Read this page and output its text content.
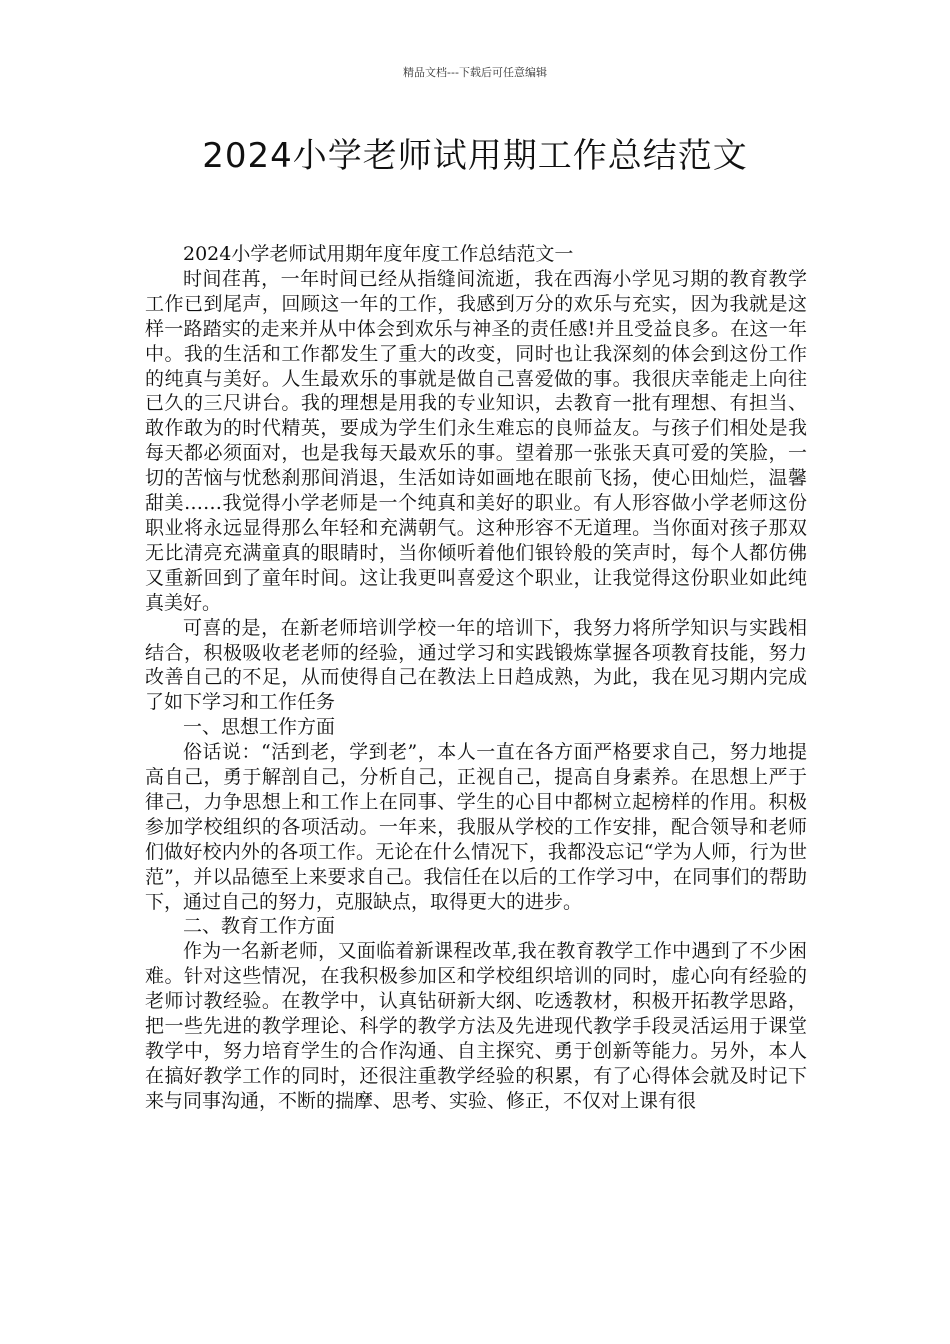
精品文档---下载后可任意编辑
2024小学老师试用期工作总结范文

2024小学老师试用期年度年度工作总结范文一

时间荏苒，一年时间已经从指缝间流逝，我在西海小学见习期的教育教学工作已到尾声，回顾这一年的工作，我感到万分的欢乐与充实，因为我就是这样一路踏实的走来并从中体会到欢乐与神圣的责任感!并且受益良多。在这一年中。我的生活和工作都发生了重大的改变，同时也让我深刻的体会到这份工作的纯真与美好。人生最欢乐的事就是做自己喜爱做的事。我很庆幸能走上向往已久的三尺讲台。我的理想是用我的专业知识，去教育一批有理想、有担当、敢作敢为的时代精英，要成为学生们永生难忘的良师益友。与孩子们相处是我每天都必须面对，也是我每天最欢乐的事。望着那一张张天真可爱的笑脸，一切的苦恼与忧愁刹那间消退，生活如诗如画地在眼前飞扬，使心田灿烂，温馨甜美……我觉得小学老师是一个纯真和美好的职业。有人形容做小学老师这份职业将永远显得那么年轻和充满朝气。这种形容不无道理。当你面对孩子那双无比清亮充满童真的眼睛时，当你倾听着他们银铃般的笑声时，每个人都仿佛又重新回到了童年时间。这让我更叫喜爱这个职业，让我觉得这份职业如此纯真美好。

可喜的是，在新老师培训学校一年的培训下，我努力将所学知识与实践相结合，积极吸收老老师的经验，通过学习和实践锻炼掌握各项教育技能，努力改善自己的不足，从而使得自己在教法上日趋成熟，为此，我在见习期内完成了如下学习和工作任务

一、思想工作方面

俗话说：“活到老，学到老”，本人一直在各方面严格要求自己，努力地提高自己，勇于解剖自己，分析自己，正视自己，提高自身素养。在思想上严于律己，力争思想上和工作上在同事、学生的心目中都树立起榜样的作用。积极参加学校组织的各项活动。一年来，我服从学校的工作安排，配合领导和老师们做好校内外的各项工作。无论在什么情况下，我都没忘记“学为人师，行为世范”，并以品德至上来要求自己。我信任在以后的工作学习中，在同事们的帮助下，通过自己的努力，克服缺点，取得更大的进步。

二、教育工作方面

作为一名新老师，又面临着新课程改革,我在教育教学工作中遇到了不少困难。针对这些情况，在我积极参加区和学校组织培训的同时，虚心向有经验的老师讨教经验。在教学中，认真钻研新大纲、吃透教材，积极开拓教学思路，把一些先进的教学理论、科学的教学方法及先进现代教学手段灵活运用于课堂教学中，努力培育学生的合作沟通、自主探究、勇于创新等能力。另外，本人在搞好教学工作的同时，还很注重教学经验的积累，有了心得体会就及时记下来与同事沟通，不断的揣摩、思考、实验、修正，不仅对上课有很
